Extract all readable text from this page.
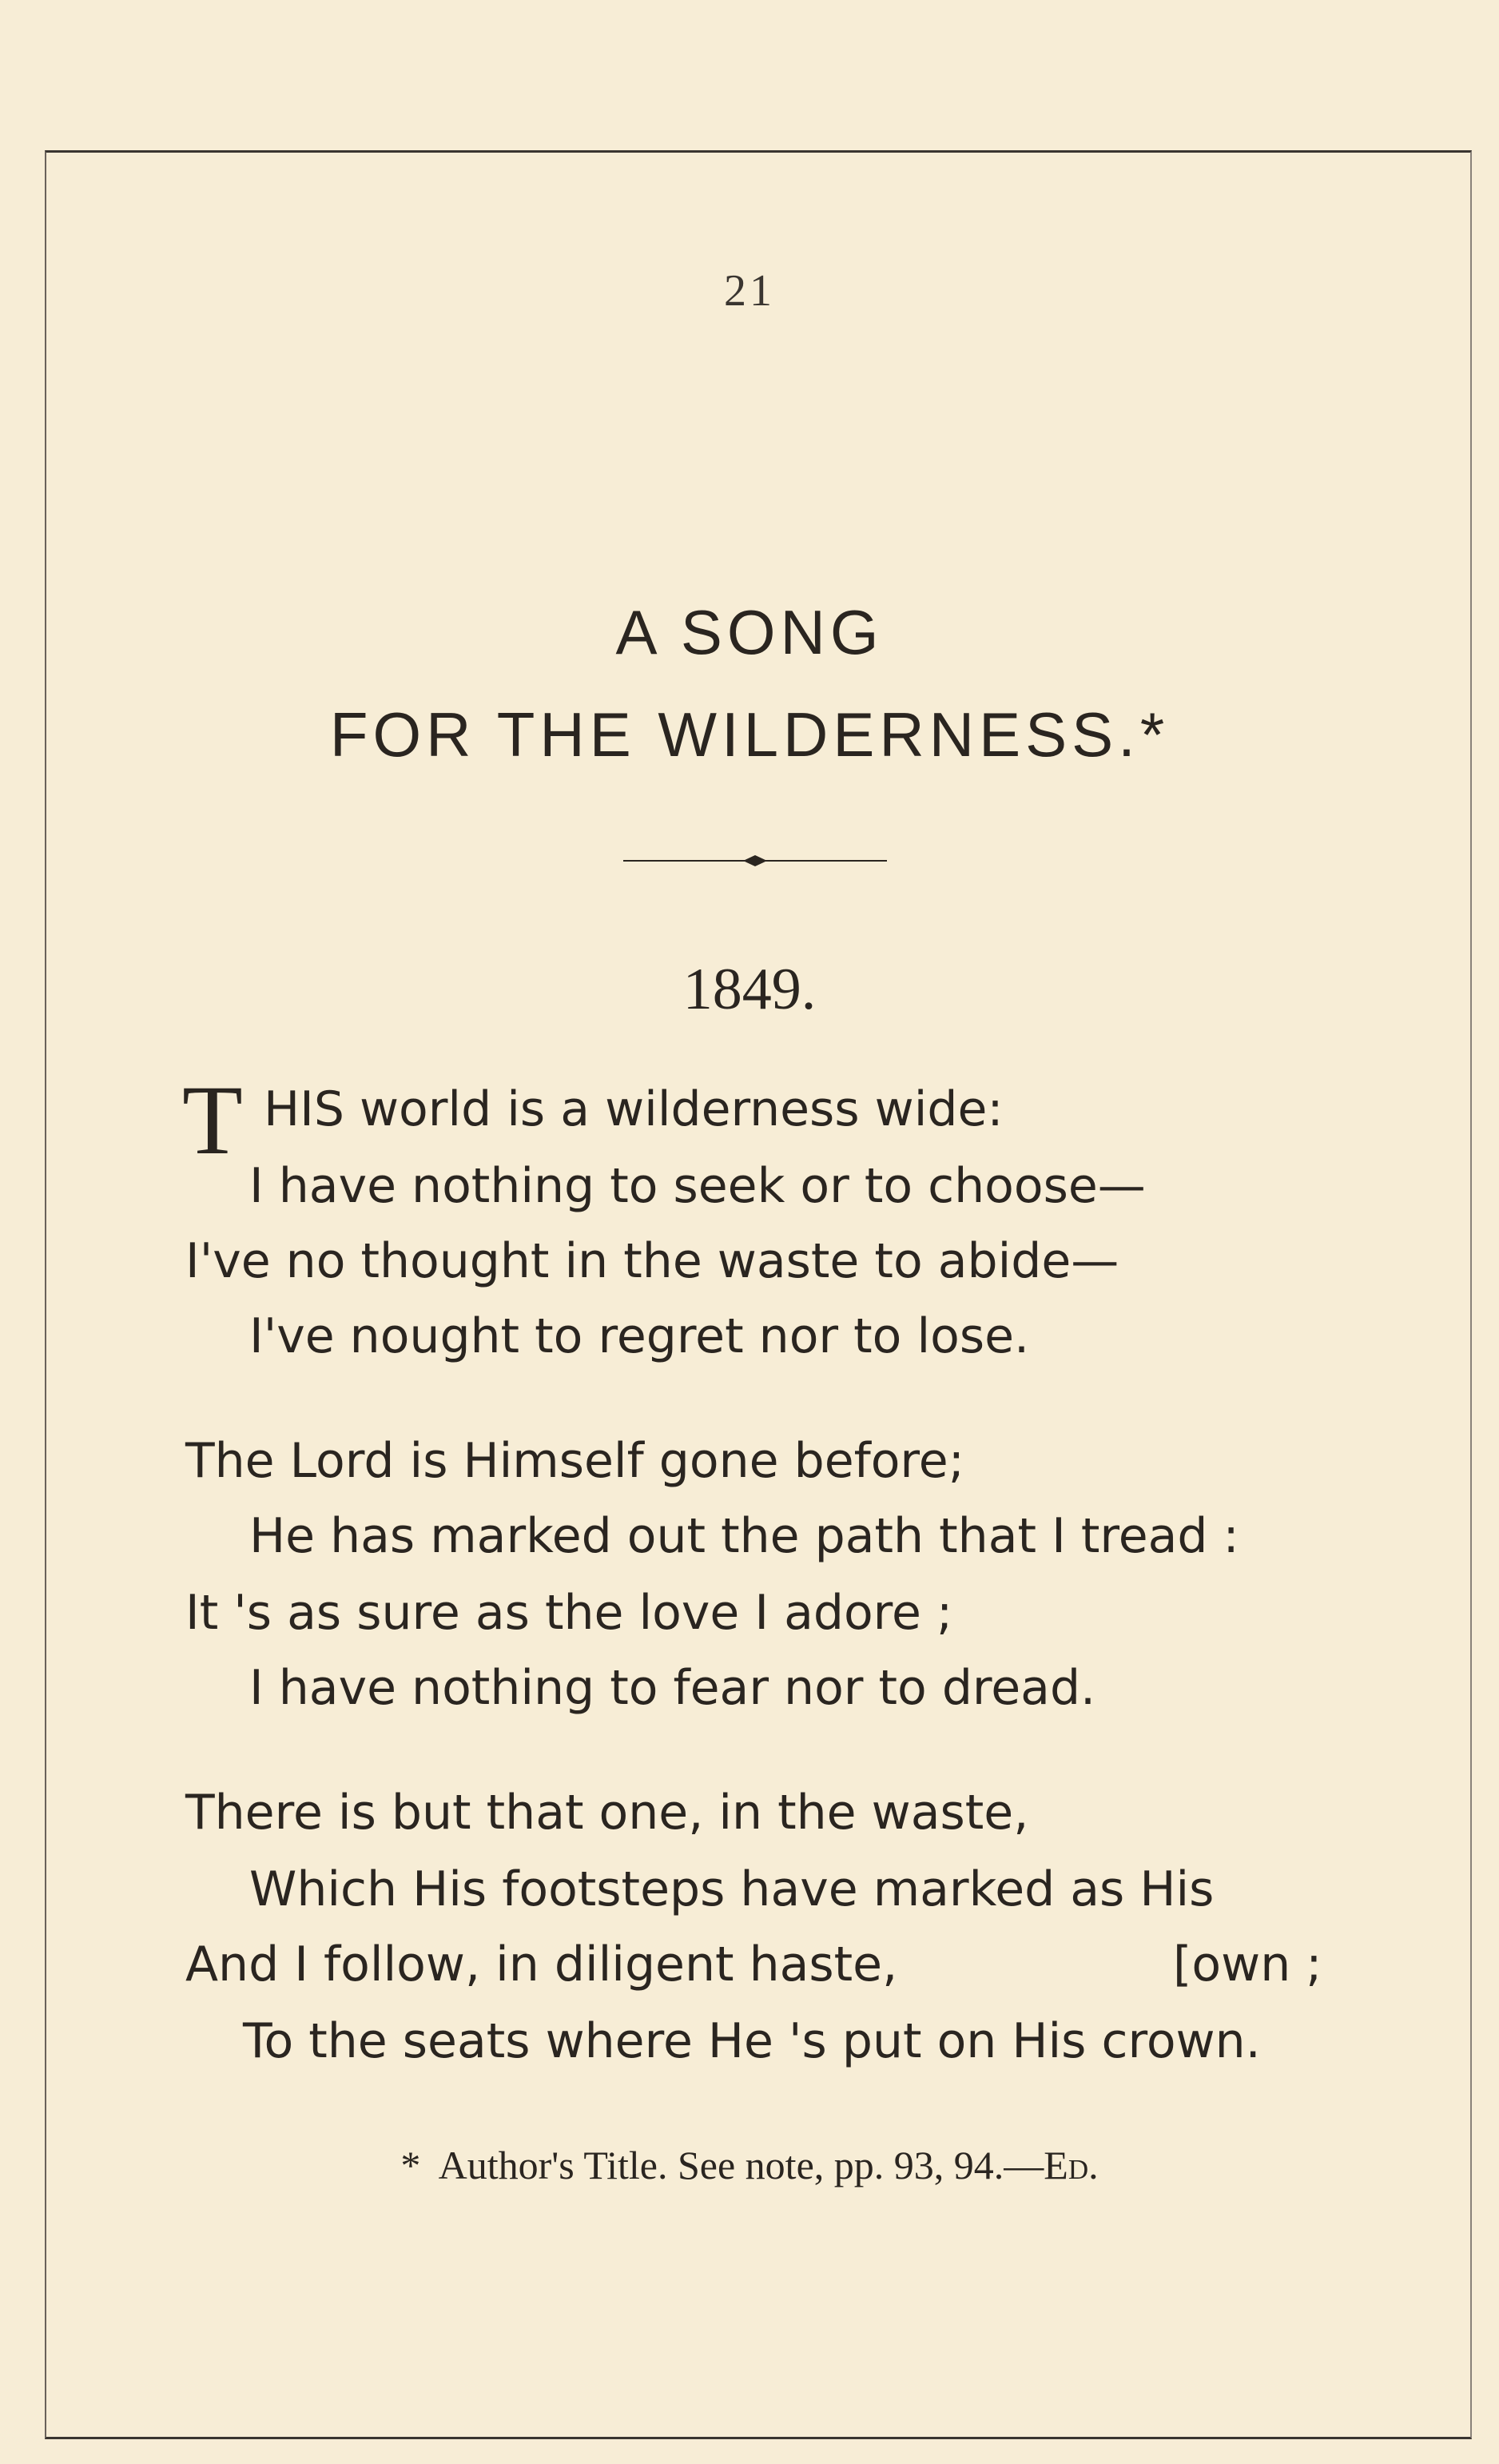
21
A SONG
FOR THE WILDERNESS.*
1849.
T HIS world is a wilderness wide:
I have nothing to seek or to choose—
I've no thought in the waste to abide—
I've nought to regret nor to lose.
The Lord is Himself gone before;
He has marked out the path that I tread :
It 's as sure as the love I adore ;
I have nothing to fear nor to dread.
There is but that one, in the waste,
Which His footsteps have marked as His
And I follow, in diligent haste,	[own ;
To the seats where He 's put on His crown.
* Author's Title. See note, pp. 93, 94.—Ed.
